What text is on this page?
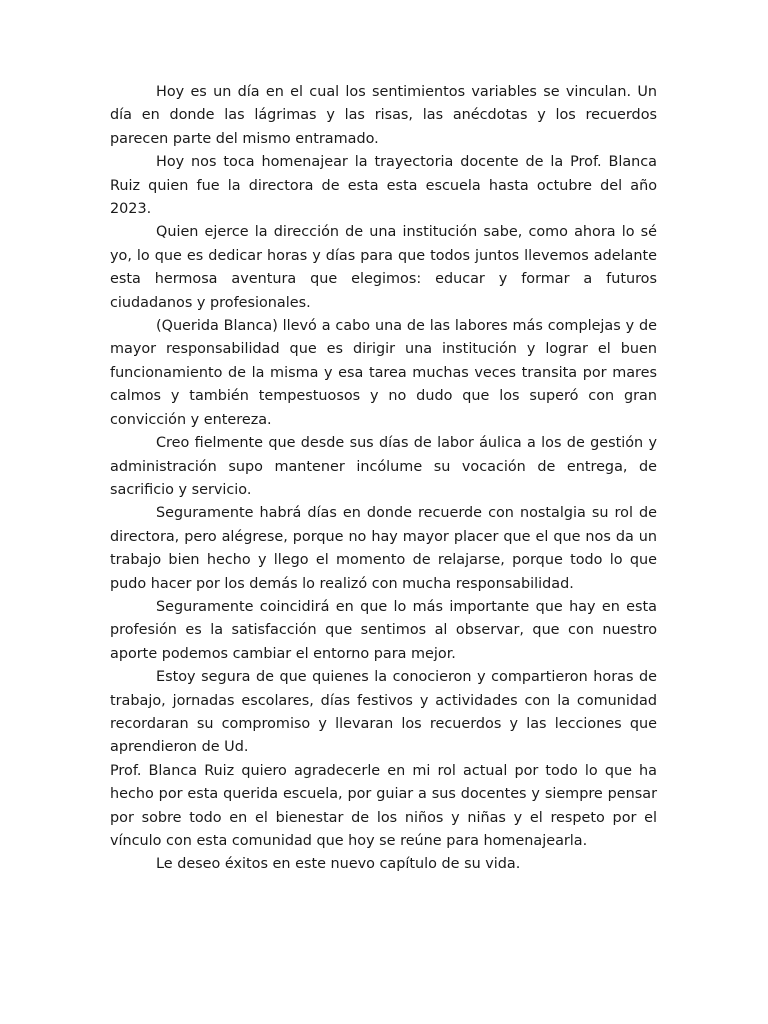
Hoy es un día en el cual los sentimientos variables se vinculan. Un día en donde las lágrimas y las risas, las anécdotas y los recuerdos parecen parte del mismo entramado.

Hoy nos toca homenajear la trayectoria docente de la Prof. Blanca Ruiz quien fue la directora de esta esta escuela hasta octubre del año 2023.

Quien ejerce la dirección de una institución sabe, como ahora lo sé yo, lo que es dedicar horas y días para que todos juntos llevemos adelante esta hermosa aventura que elegimos: educar y formar a futuros ciudadanos y profesionales.

(Querida Blanca) llevó a cabo una de las labores más complejas y de mayor responsabilidad que es dirigir una institución y lograr el buen funcionamiento de la misma y esa tarea muchas veces transita por mares calmos y también tempestuosos y no dudo que los superó con gran convicción y entereza.

Creo fielmente que desde sus días de labor áulica a los de gestión y administración supo mantener incólume su vocación de entrega, de sacrificio y servicio.

Seguramente habrá días en donde recuerde con nostalgia su rol de directora, pero alégrese, porque no hay mayor placer que el que nos da un trabajo bien hecho y llego el momento de relajarse, porque todo lo que pudo hacer por los demás lo realizó con mucha responsabilidad.

Seguramente coincidirá en que lo más importante que hay en esta profesión es la satisfacción que sentimos al observar, que con nuestro aporte podemos cambiar el entorno para mejor.

Estoy segura de que quienes la conocieron y compartieron horas de trabajo, jornadas escolares, días festivos y actividades con la comunidad recordaran su compromiso y llevaran los recuerdos y las lecciones que aprendieron de Ud.

Prof. Blanca Ruiz quiero agradecerle en mi rol actual por todo lo que ha hecho por esta querida escuela, por guiar a sus docentes y siempre pensar por sobre todo en el bienestar de los niños y niñas y el respeto por el vínculo con esta comunidad que hoy se reúne para homenajearla.

Le deseo éxitos en este nuevo capítulo de su vida.
